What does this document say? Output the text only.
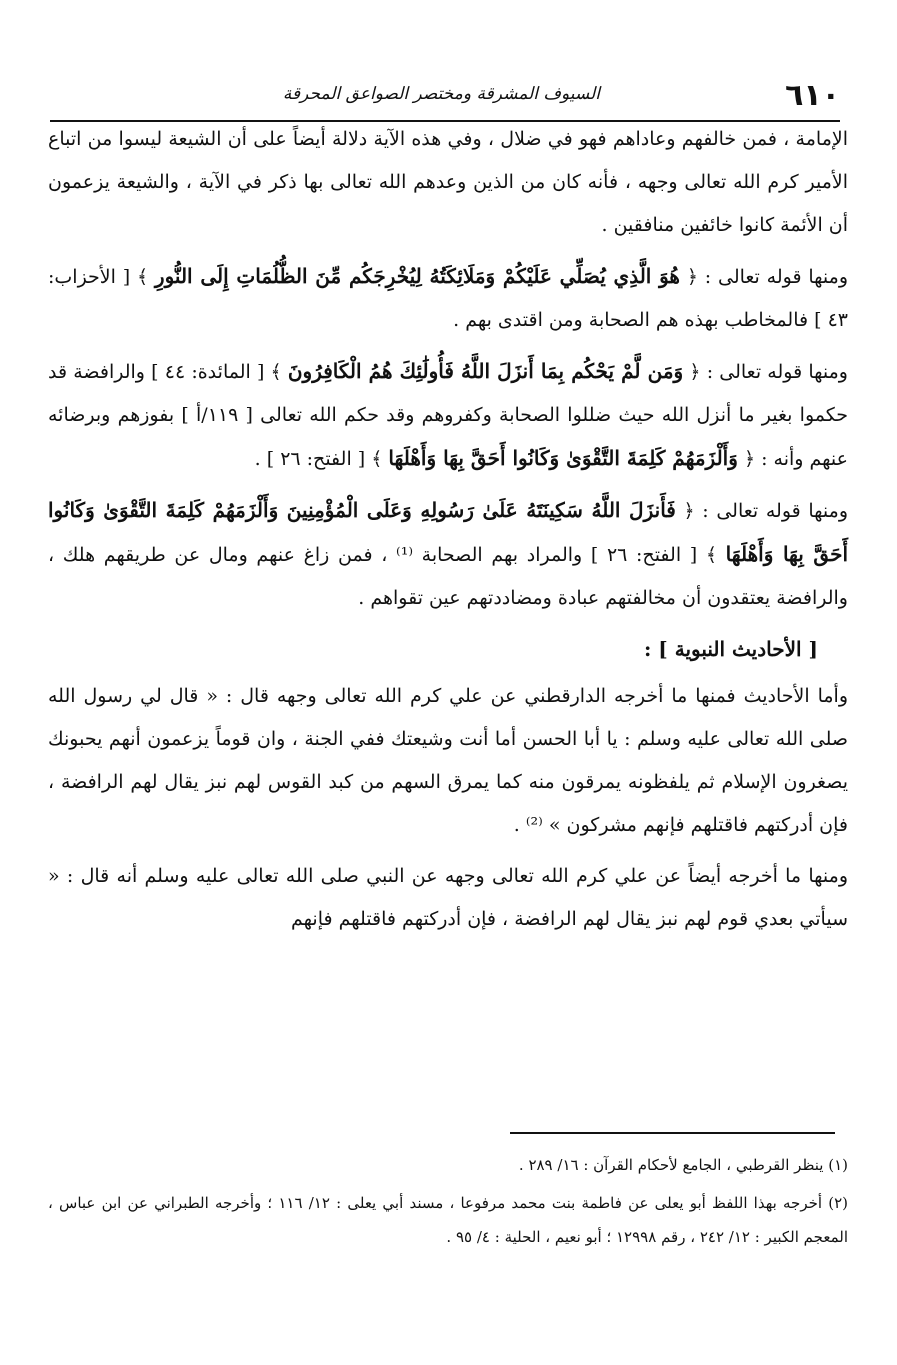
٦١٠
السيوف المشرقة ومختصر الصواعق المحرقة

الإمامة ، فمن خالفهم وعاداهم فهو في ضلال ، وفي هذه الآية دلالة أيضاً على أن الشيعة ليسوا من اتباع الأمير كرم الله تعالى وجهه ، فأنه كان من الذين وعدهم الله تعالى بها ذكر في الآية ، والشيعة يزعمون أن الأئمة كانوا خائفين منافقين .

ومنها قوله تعالى : ﴿ هُوَ الَّذِي يُصَلِّي عَلَيْكُمْ وَمَلَائِكَتُهُ لِيُخْرِجَكُم مِّنَ الظُّلُمَاتِ إِلَى النُّورِ ﴾ [ الأحزاب: ٤٣ ] فالمخاطب بهذه هم الصحابة ومن اقتدى بهم .

ومنها قوله تعالى : ﴿ وَمَن لَّمْ يَحْكُم بِمَا أَنزَلَ اللَّهُ فَأُولَٰئِكَ هُمُ الْكَافِرُونَ ﴾ [ المائدة: ٤٤ ] والرافضة قد حكموا بغير ما أنزل الله حيث ضللوا الصحابة وكفروهم وقد حكم الله تعالى [ ١١٩/أ ] بفوزهم وبرضائه عنهم وأنه : ﴿ وَأَلْزَمَهُمْ كَلِمَةَ التَّقْوَىٰ وَكَانُوا أَحَقَّ بِهَا وَأَهْلَهَا ﴾ [ الفتح: ٢٦ ] .

ومنها قوله تعالى : ﴿ فَأَنزَلَ اللَّهُ سَكِينَتَهُ عَلَىٰ رَسُولِهِ وَعَلَى الْمُؤْمِنِينَ وَأَلْزَمَهُمْ كَلِمَةَ التَّقْوَىٰ وَكَانُوا أَحَقَّ بِهَا وَأَهْلَهَا ﴾ [ الفتح: ٢٦ ] والمراد بهم الصحابة ⁽¹⁾ ، فمن زاغ عنهم ومال عن طريقهم هلك ، والرافضة يعتقدون أن مخالفتهم عبادة ومضاددتهم عين تقواهم .

[ الأحاديث النبوية ] :

وأما الأحاديث فمنها ما أخرجه الدارقطني عن علي كرم الله تعالى وجهه قال : « قال لي رسول الله صلى الله تعالى عليه وسلم : يا أبا الحسن أما أنت وشيعتك ففي الجنة ، وان قوماً يزعمون أنهم يحبونك يصغرون الإسلام ثم يلفظونه يمرقون منه كما يمرق السهم من كبد القوس لهم نبز يقال لهم الرافضة ، فإن أدركتهم فاقتلهم فإنهم مشركون » ⁽²⁾ .

ومنها ما أخرجه أيضاً عن علي كرم الله تعالى وجهه عن النبي صلى الله تعالى عليه وسلم أنه قال : « سيأتي بعدي قوم لهم نبز يقال لهم الرافضة ، فإن أدركتهم فاقتلهم فإنهم

(١) ينظر القرطبي ، الجامع لأحكام القرآن : ١٦/ ٢٨٩ .

(٢) أخرجه بهذا اللفظ أبو يعلى عن فاطمة بنت محمد مرفوعا ، مسند أبي يعلى : ١٢/ ١١٦ ؛ وأخرجه الطبراني عن ابن عباس ، المعجم الكبير : ١٢/ ٢٤٢ ، رقم ١٢٩٩٨ ؛ أبو نعيم ، الحلية : ٤/ ٩٥ .
